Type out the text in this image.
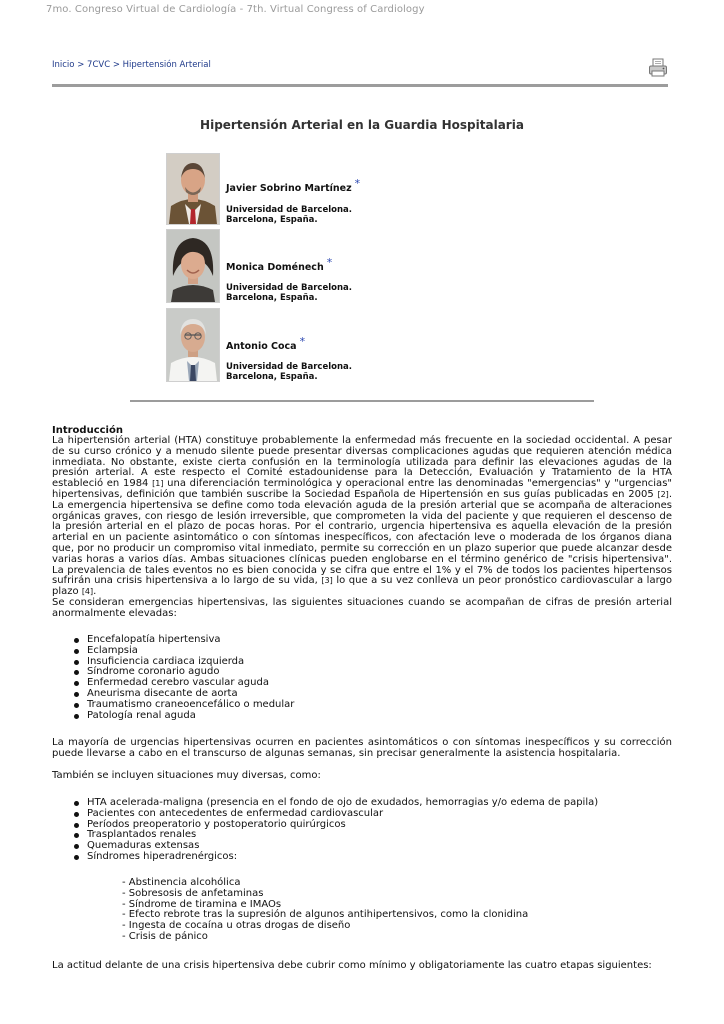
7mo. Congreso Virtual de Cardiología - 7th. Virtual Congress of Cardiology
Inicio > 7CVC > Hipertensión Arterial
Hipertensión Arterial en la Guardia Hospitalaria
Javier Sobrino Martínez *
Universidad de Barcelona.
Barcelona, España.
Monica Doménech *
Universidad de Barcelona.
Barcelona, España.
Antonio Coca *
Universidad de Barcelona.
Barcelona, España.
Introducción
La hipertensión arterial (HTA) constituye probablemente la enfermedad más frecuente en la sociedad occidental. A pesar de su curso crónico y a menudo silente puede presentar diversas complicaciones agudas que requieren atención médica inmediata. No obstante, existe cierta confusión en la terminología utilizada para definir las elevaciones agudas de la presión arterial. A este respecto el Comité estadounidense para la Detección, Evaluación y Tratamiento de la HTA estableció en 1984 [1] una diferenciación terminológica y operacional entre las denominadas "emergencias" y "urgencias" hipertensivas, definición que también suscribe la Sociedad Española de Hipertensión en sus guías publicadas en 2005 [2]. La emergencia hipertensiva se define como toda elevación aguda de la presión arterial que se acompaña de alteraciones orgánicas graves, con riesgo de lesión irreversible, que comprometen la vida del paciente y que requieren el descenso de la presión arterial en el plazo de pocas horas. Por el contrario, urgencia hipertensiva es aquella elevación de la presión arterial en un paciente asintomático o con síntomas inespecíficos, con afectación leve o moderada de los órganos diana que, por no producir un compromiso vital inmediato, permite su corrección en un plazo superior que puede alcanzar desde varias horas a varios días. Ambas situaciones clínicas pueden englobarse en el término genérico de "crisis hipertensiva". La prevalencia de tales eventos no es bien conocida y se cifra que entre el 1% y el 7% de todos los pacientes hipertensos sufrirán una crisis hipertensiva a lo largo de su vida, [3] lo que a su vez conlleva un peor pronóstico cardiovascular a largo plazo [4].
Se consideran emergencias hipertensivas, las siguientes situaciones cuando se acompañan de cifras de presión arterial anormalmente elevadas:
Encefalopatía hipertensiva
Eclampsia
Insuficiencia cardiaca izquierda
Síndrome coronario agudo
Enfermedad cerebro vascular aguda
Aneurisma disecante de aorta
Traumatismo craneoencefálico o medular
Patología renal aguda
La mayoría de urgencias hipertensivas ocurren en pacientes asintomáticos o con síntomas inespecíficos y su corrección puede llevarse a cabo en el transcurso de algunas semanas, sin precisar generalmente la asistencia hospitalaria.
También se incluyen situaciones muy diversas, como:
HTA acelerada-maligna (presencia en el fondo de ojo de exudados, hemorragias y/o edema de papila)
Pacientes con antecedentes de enfermedad cardiovascular
Períodos preoperatorio y postoperatorio quirúrgicos
Trasplantados renales
Quemaduras extensas
Síndromes hiperadrenérgicos:
- Abstinencia alcohólica
- Sobresosis de anfetaminas
- Síndrome de tiramina e IMAOs
- Efecto rebrote tras la supresión de algunos antihipertensivos, como la clonidina
- Ingesta de cocaína u otras drogas de diseño
- Crisis de pánico
La actitud delante de una crisis hipertensiva debe cubrir como mínimo y obligatoriamente las cuatro etapas siguientes:
